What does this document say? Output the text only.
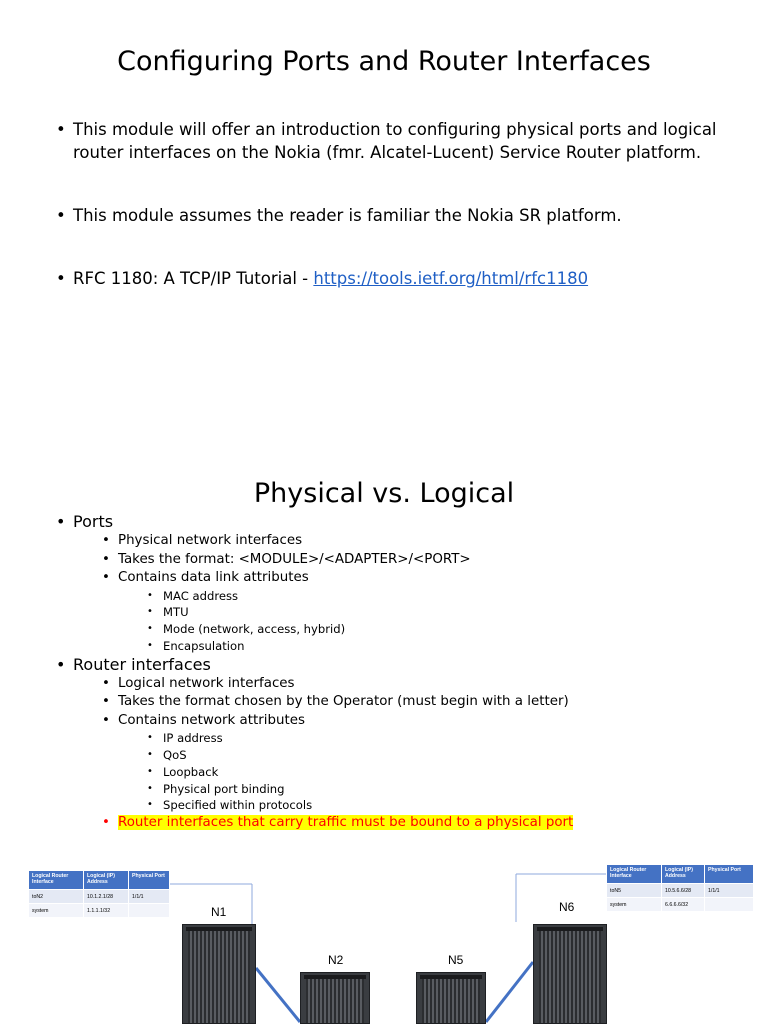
Configuring Ports and Router Interfaces
• This module will offer an introduction to configuring physical ports and logical router interfaces on the Nokia (fmr. Alcatel-Lucent) Service Router platform.
• This module assumes the reader is familiar the Nokia SR platform.
• RFC 1180: A TCP/IP Tutorial - https://tools.ietf.org/html/rfc1180
Physical vs. Logical
• Ports
• Physical network interfaces
• Takes the format: <MODULE>/<ADAPTER>/<PORT>
• Contains data link attributes
• MAC address
• MTU
• Mode (network, access, hybrid)
• Encapsulation
• Router interfaces
• Logical network interfaces
• Takes the format chosen by the Operator (must begin with a letter)
• Contains network attributes
• IP address
• QoS
• Loopback
• Physical port binding
• Specified within protocols
• Router interfaces that carry traffic must be bound to a physical port
Logical Router Interface	Logical (IP) Address	Physical Port
toN2	10.1.2.1/28	1/1/1
system	1.1.1.1/32	
Logical Router Interface	Logical (IP) Address	Physical Port
toN5	10.5.6.6/28	1/1/1
system	6.6.6.6/32	
N1
N2	N5
N6
